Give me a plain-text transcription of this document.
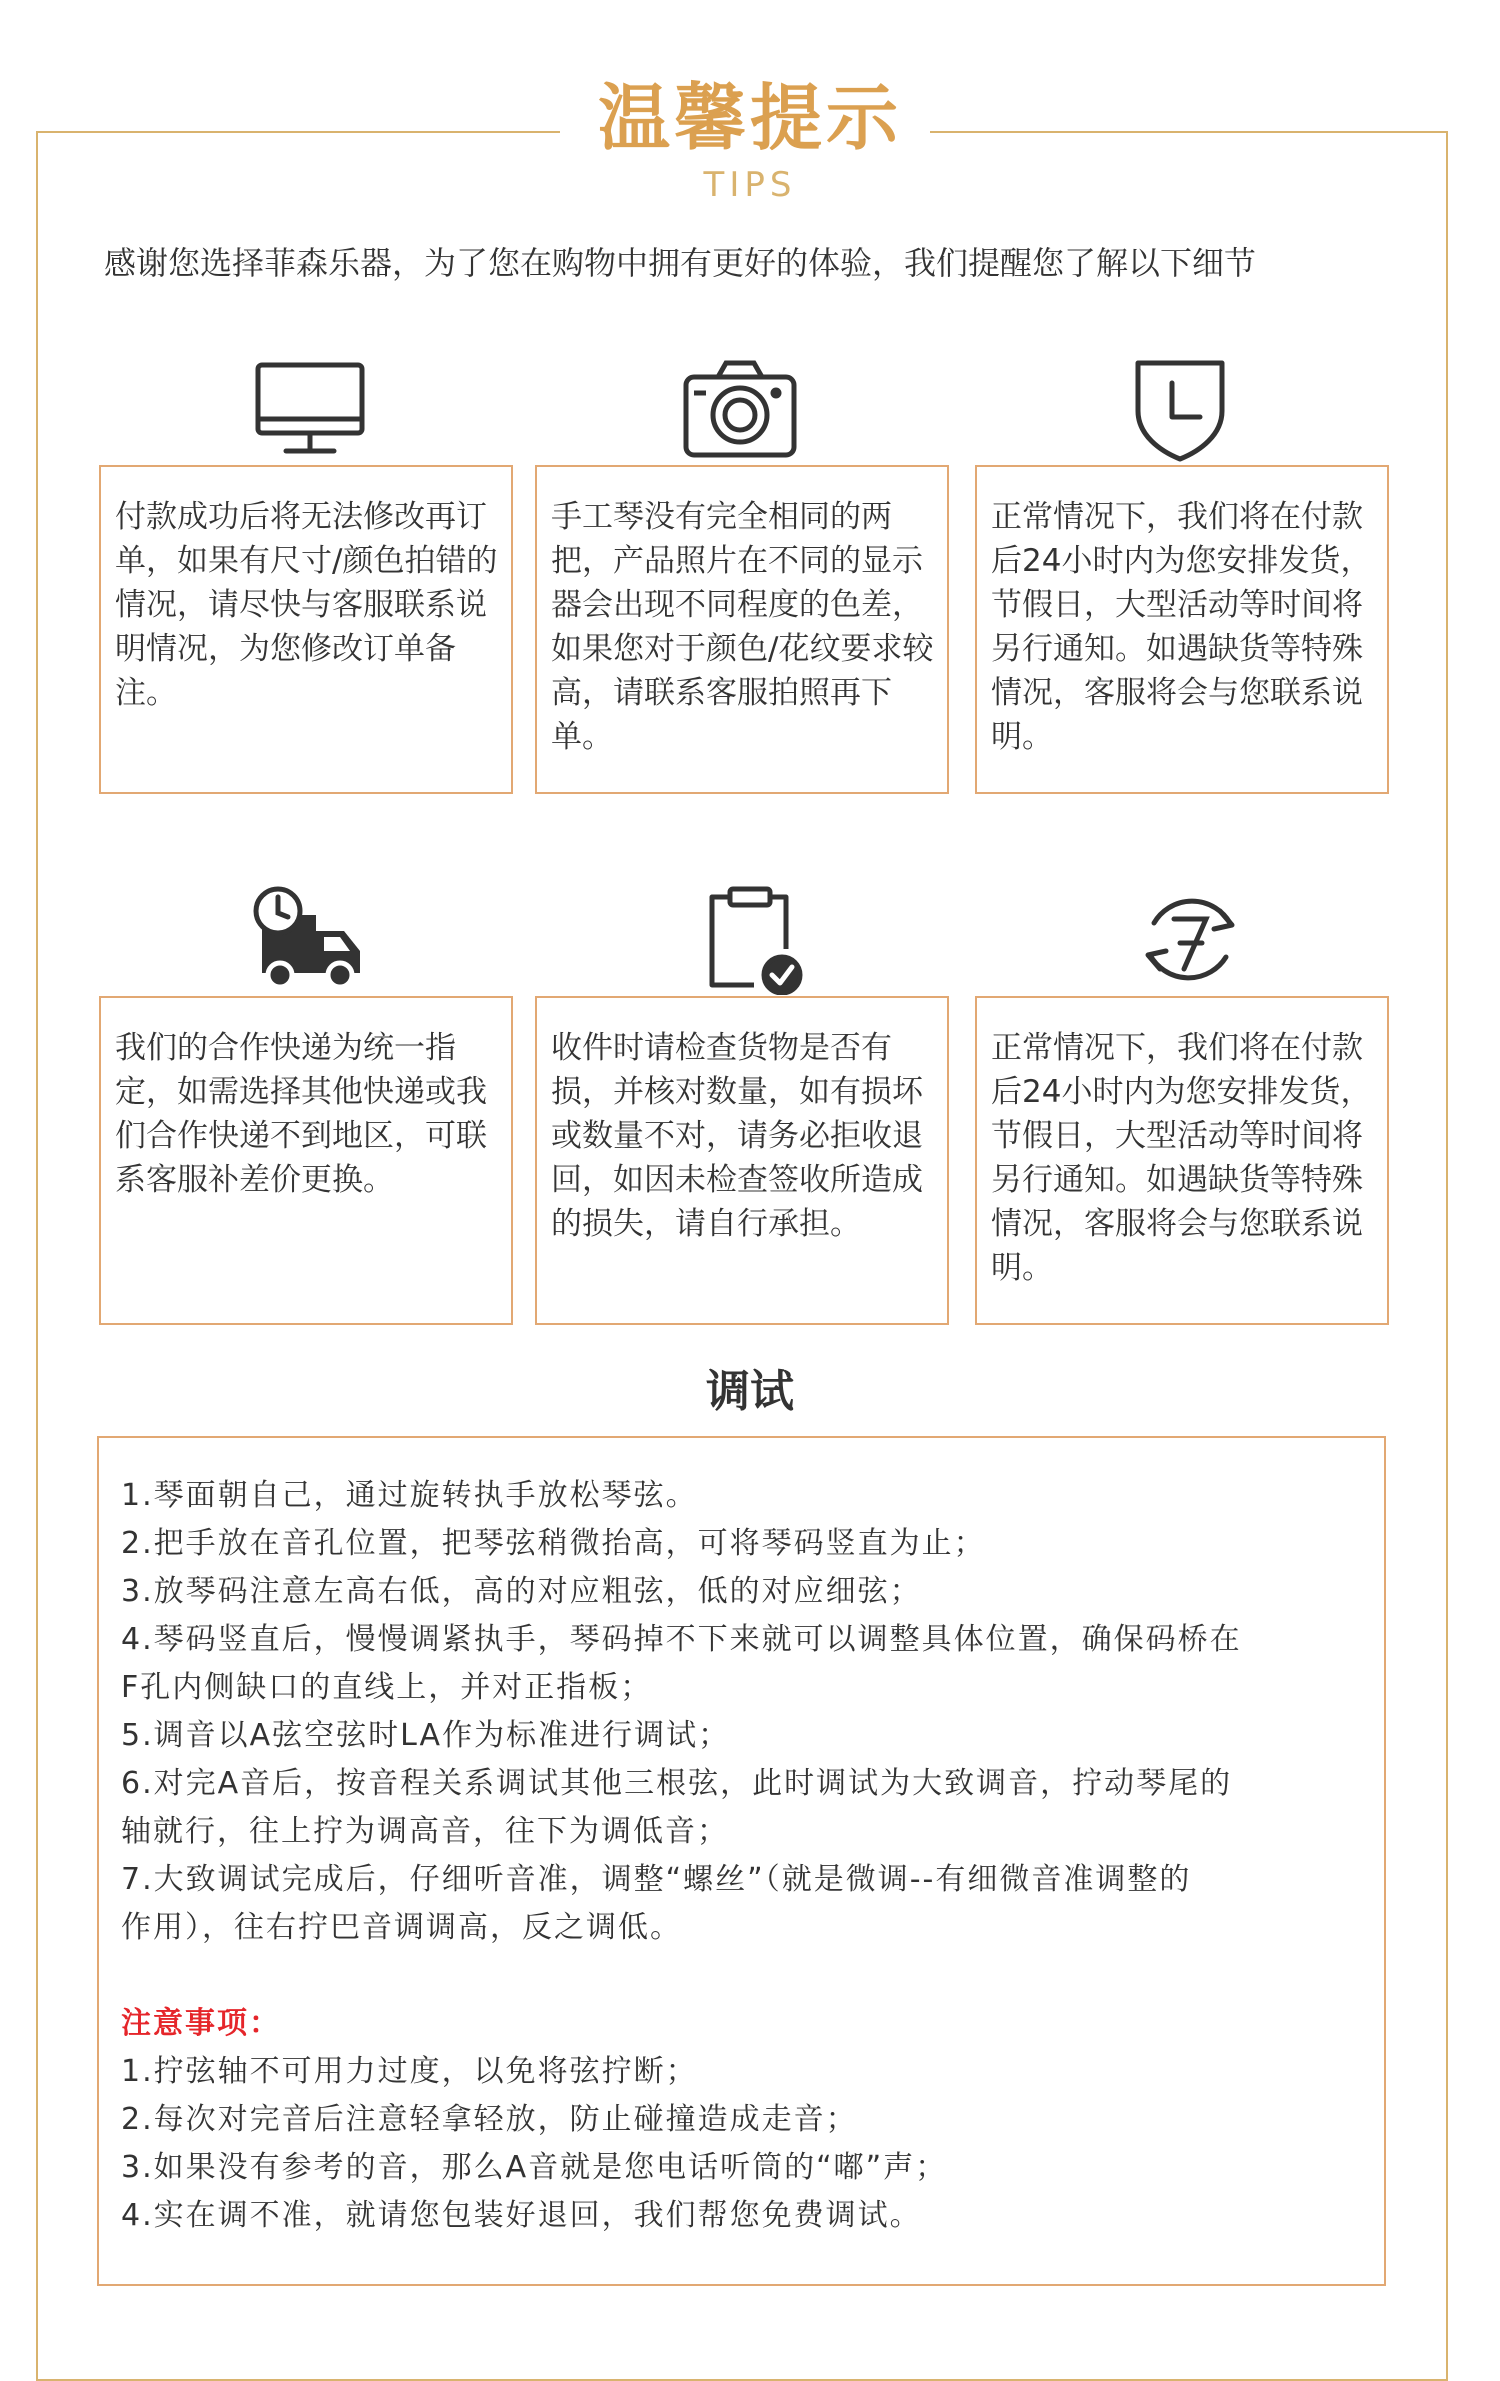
温馨提示
TIPS
感谢您选择菲森乐器，为了您在购物中拥有更好的体验，我们提醒您了解以下细节
付款成功后将无法修改再订单，如果有尺寸/颜色拍错的情况，请尽快与客服联系说明情况，为您修改订单备注。
手工琴没有完全相同的两把，产品照片在不同的显示器会出现不同程度的色差，如果您对于颜色/花纹要求较高，请联系客服拍照再下单。
正常情况下，我们将在付款后24小时内为您安排发货，节假日，大型活动等时间将另行通知。如遇缺货等特殊情况，客服将会与您联系说明。
我们的合作快递为统一指定，如需选择其他快递或我们合作快递不到地区，可联系客服补差价更换。
收件时请检查货物是否有损，并核对数量，如有损坏或数量不对，请务必拒收退回，如因未检查签收所造成的损失，请自行承担。
正常情况下，我们将在付款后24小时内为您安排发货，节假日，大型活动等时间将另行通知。如遇缺货等特殊情况，客服将会与您联系说明。
调试
1.琴面朝自己，通过旋转执手放松琴弦。
2.把手放在音孔位置，把琴弦稍微抬高，可将琴码竖直为止；
3.放琴码注意左高右低，高的对应粗弦，低的对应细弦；
4.琴码竖直后，慢慢调紧执手，琴码掉不下来就可以调整具体位置，确保码桥在
F孔内侧缺口的直线上，并对正指板；
5.调音以A弦空弦时LA作为标准进行调试；
6.对完A音后，按音程关系调试其他三根弦，此时调试为大致调音，拧动琴尾的
轴就行，往上拧为调高音，往下为调低音；
7.大致调试完成后，仔细听音准，调整“螺丝”（就是微调--有细微音准调整的
作用），往右拧巴音调调高，反之调低。
注意事项：
1.拧弦轴不可用力过度，以免将弦拧断；
2.每次对完音后注意轻拿轻放，防止碰撞造成走音；
3.如果没有参考的音，那么A音就是您电话听筒的“嘟”声；
4.实在调不准，就请您包装好退回，我们帮您免费调试。
